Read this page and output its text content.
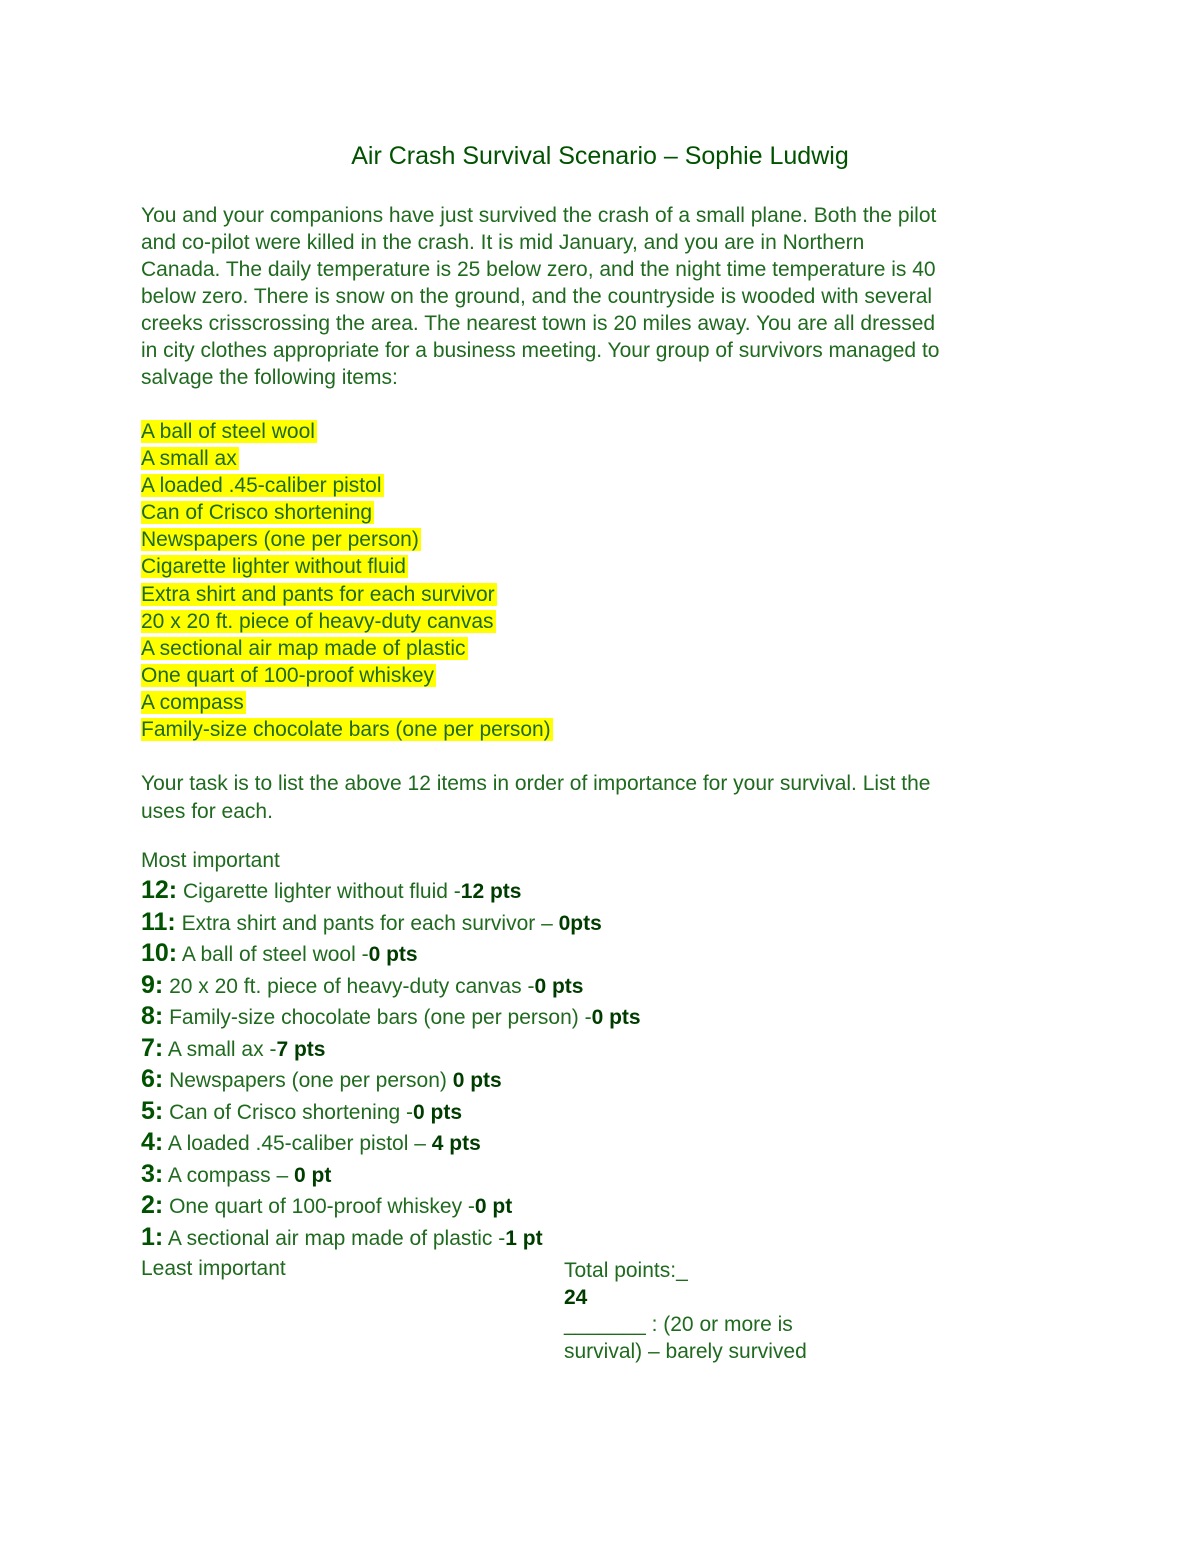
Air Crash Survival Scenario – Sophie Ludwig
You and your companions have just survived the crash of a small plane. Both the pilot
and co-pilot were killed in the crash. It is mid January, and you are in Northern
Canada. The daily temperature is 25 below zero, and the night time temperature is 40
below zero. There is snow on the ground, and the countryside is wooded with several
creeks crisscrossing the area. The nearest town is 20 miles away. You are all dressed
in city clothes appropriate for a business meeting. Your group of survivors managed to
salvage the following items:
A ball of steel wool
A small ax
A loaded .45-caliber pistol
Can of Crisco shortening
Newspapers (one per person)
Cigarette lighter without fluid
Extra shirt and pants for each survivor
20 x 20 ft. piece of heavy-duty canvas
A sectional air map made of plastic
One quart of 100-proof whiskey
A compass
Family-size chocolate bars (one per person)
Your task is to list the above 12 items in order of importance for your survival. List the
uses for each.
Most important
12: Cigarette lighter without fluid -12 pts
11: Extra shirt and pants for each survivor – 0pts
10: A ball of steel wool -0 pts
9: 20 x 20 ft. piece of heavy-duty canvas -0 pts
8: Family-size chocolate bars (one per person) -0 pts
7: A small ax -7 pts
6: Newspapers (one per person) 0 pts
5: Can of Crisco shortening -0 pts
4: A loaded .45-caliber pistol – 4 pts
3: A compass – 0 pt
2: One quart of 100-proof whiskey -0 pt
1: A sectional air map made of plastic -1 pt
Least important	Total points:_
24
_______ : (20 or more is
survival) – barely survived
